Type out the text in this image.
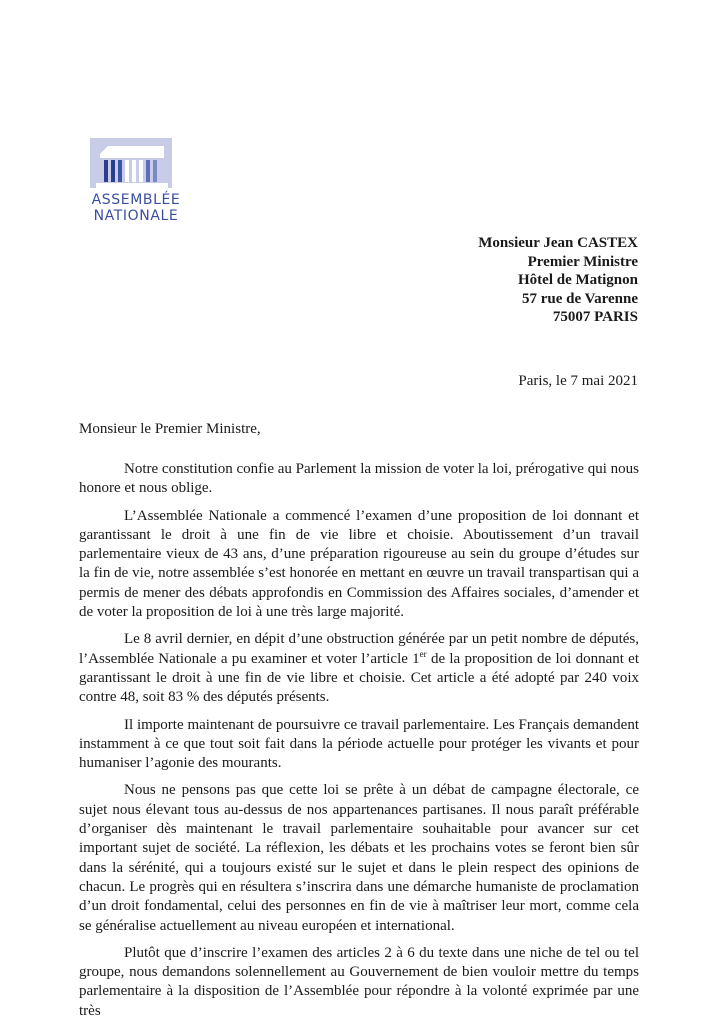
ASSEMBLÉE
NATIONALE
Monsieur Jean CASTEX
Premier Ministre
Hôtel de Matignon
57 rue de Varenne
75007 PARIS
Paris, le 7 mai 2021
Monsieur le Premier Ministre,

Notre constitution confie au Parlement la mission de voter la loi, prérogative qui nous honore et nous oblige.

L’Assemblée Nationale a commencé l’examen d’une proposition de loi donnant et garantissant le droit à une fin de vie libre et choisie. Aboutissement d’un travail parlementaire vieux de 43 ans, d’une préparation rigoureuse au sein du groupe d’études sur la fin de vie, notre assemblée s’est honorée en mettant en œuvre un travail transpartisan qui a permis de mener des débats approfondis en Commission des Affaires sociales, d’amender et de voter la proposition de loi à une très large majorité.

Le 8 avril dernier, en dépit d’une obstruction générée par un petit nombre de députés, l’Assemblée Nationale a pu examiner et voter l’article 1er de la proposition de loi donnant et garantissant le droit à une fin de vie libre et choisie. Cet article a été adopté par 240 voix contre 48, soit 83 % des députés présents.

Il importe maintenant de poursuivre ce travail parlementaire. Les Français demandent instamment à ce que tout soit fait dans la période actuelle pour protéger les vivants et pour humaniser l’agonie des mourants.

Nous ne pensons pas que cette loi se prête à un débat de campagne électorale, ce sujet nous élevant tous au-dessus de nos appartenances partisanes. Il nous paraît préférable d’organiser dès maintenant le travail parlementaire souhaitable pour avancer sur cet important sujet de société. La réflexion, les débats et les prochains votes se feront bien sûr dans la sérénité, qui a toujours existé sur le sujet et dans le plein respect des opinions de chacun. Le progrès qui en résultera s’inscrira dans une démarche humaniste de proclamation d’un droit fondamental, celui des personnes en fin de vie à maîtriser leur mort, comme cela se généralise actuellement au niveau européen et international.

Plutôt que d’inscrire l’examen des articles 2 à 6 du texte dans une niche de tel ou tel groupe, nous demandons solennellement au Gouvernement de bien vouloir mettre du temps parlementaire à la disposition de l’Assemblée pour répondre à la volonté exprimée par une très
